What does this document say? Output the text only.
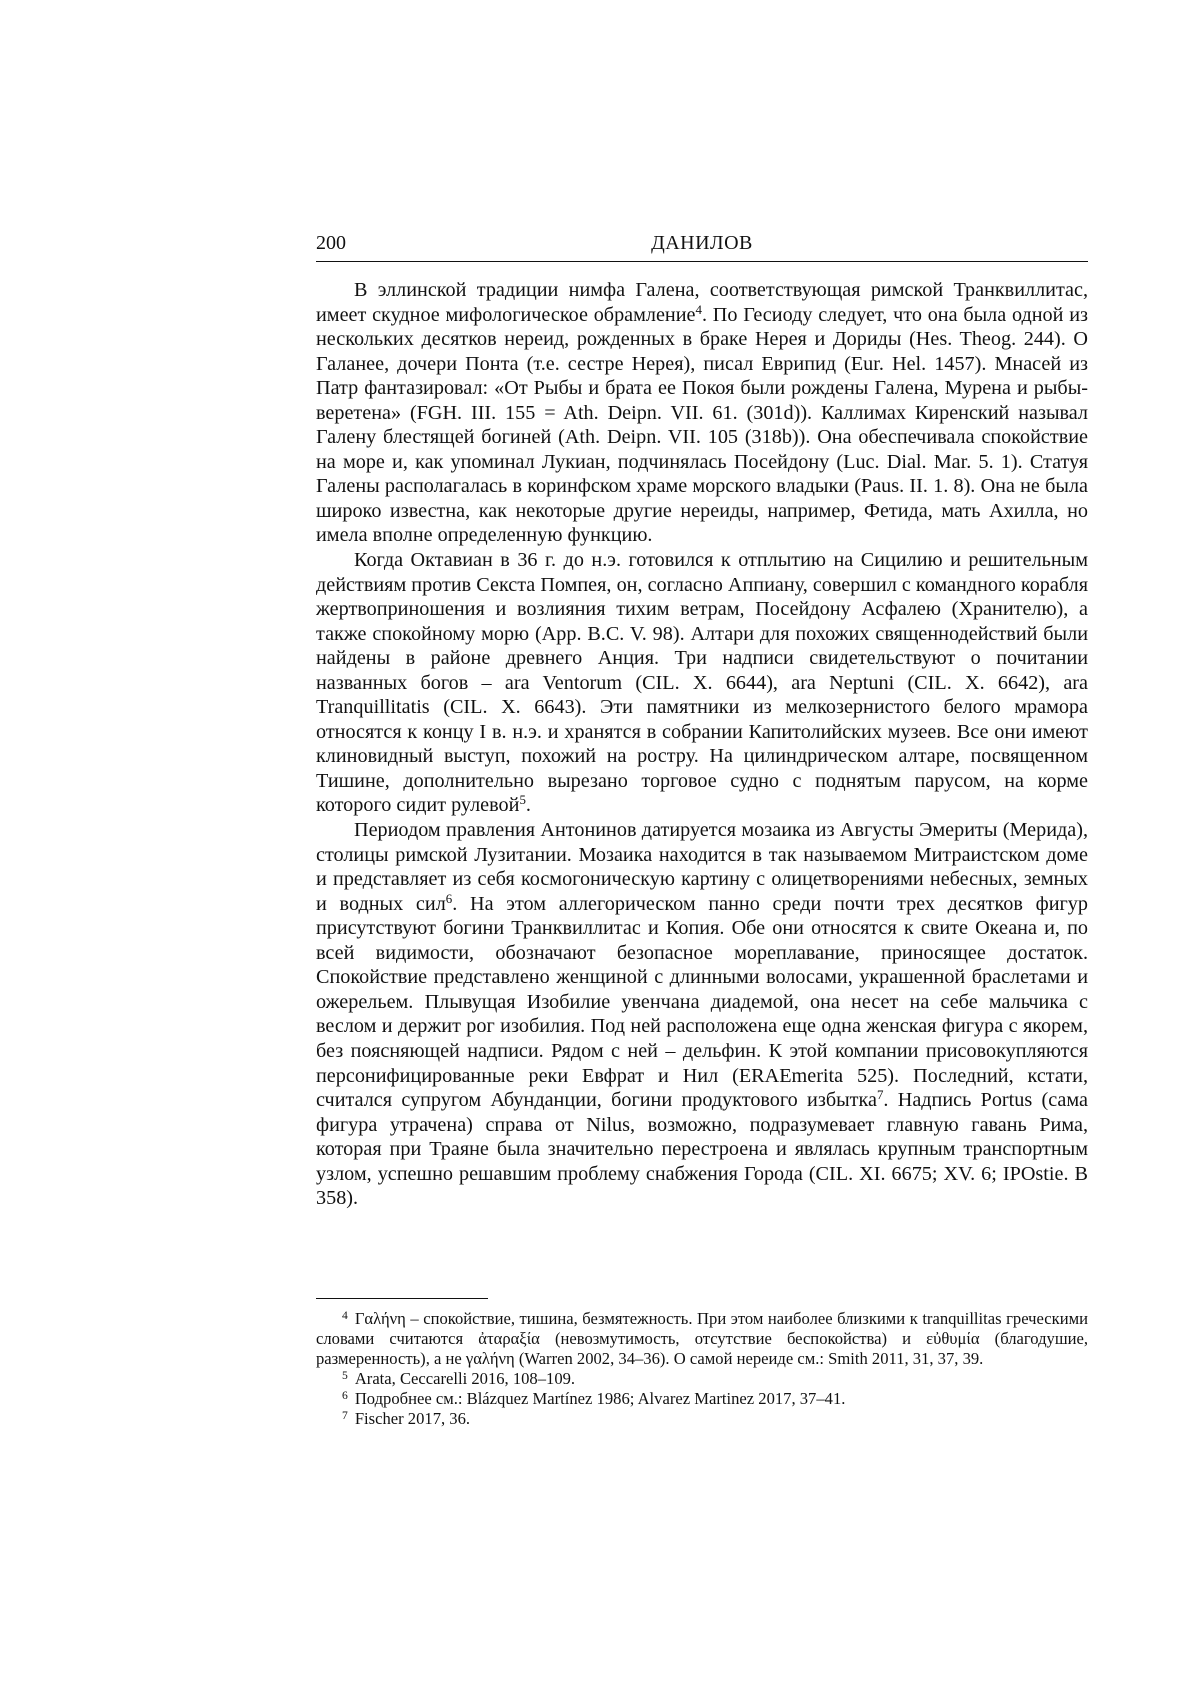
200	ДАНИЛОВ

В эллинской традиции нимфа Галена, соответствующая римской Транквиллитас, имеет скудное мифологическое обрамление$^4$. По Гесиоду следует, что она была одной из нескольких десятков нереид, рожденных в браке Нерея и Дориды (Hes. Theog. 244). О Галанее, дочери Понта (т.е. сестре Нерея), писал Еврипид (Eur. Hel. 1457). Мнасей из Патр фантазировал: «От Рыбы и брата ее Покоя были рождены Галена, Мурена и рыбы-веретена» (FGH. III. 155 = Ath. Deipn. VII. 61. (301d)). Каллимах Киренский называл Галену блестящей богиней (Ath. Deipn. VII. 105 (318b)). Она обеспечивала спокойствие на море и, как упоминал Лукиан, подчинялась Посейдону (Luc. Dial. Mar. 5. 1). Статуя Галены располагалась в коринфском храме морского владыки (Paus. II. 1. 8). Она не была широко известна, как некоторые другие нереиды, например, Фетида, мать Ахилла, но имела вполне определенную функцию.

Когда Октавиан в 36 г. до н.э. готовился к отплытию на Сицилию и решительным действиям против Секста Помпея, он, согласно Аппиану, совершил с командного корабля жертвоприношения и возлияния тихим ветрам, Посейдону Асфалею (Хранителю), а также спокойному морю (App. B.C. V. 98). Алтари для похожих священнодействий были найдены в районе древнего Анция. Три надписи свидетельствуют о почитании названных богов – ara Ventorum (CIL. X. 6644), ara Neptuni (CIL. X. 6642), ara Tranquillitatis (CIL. X. 6643). Эти памятники из мелкозернистого белого мрамора относятся к концу I в. н.э. и хранятся в собрании Капитолийских музеев. Все они имеют клиновидный выступ, похожий на ростру. На цилиндрическом алтаре, посвященном Тишине, дополнительно вырезано торговое судно с поднятым парусом, на корме которого сидит рулевой$^5$.

Периодом правления Антонинов датируется мозаика из Августы Эмериты (Мерида), столицы римской Лузитании. Мозаика находится в так называемом Митраистском доме и представляет из себя космогоническую картину с олицетворениями небесных, земных и водных сил$^6$. На этом аллегорическом панно среди почти трех десятков фигур присутствуют богини Транквиллитас и Копия. Обе они относятся к свите Океана и, по всей видимости, обозначают безопасное мореплавание, приносящее достаток. Спокойствие представлено женщиной с длинными волосами, украшенной браслетами и ожерельем. Плывущая Изобилие увенчана диадемой, она несет на себе мальчика с веслом и держит рог изобилия. Под ней расположена еще одна женская фигура с якорем, без поясняющей надписи. Рядом с ней – дельфин. К этой компании присовокупляются персонифицированные реки Евфрат и Нил (ERAEmerita 525). Последний, кстати, считался супругом Абунданции, богини продуктового избытка$^7$. Надпись Portus (сама фигура утрачена) справа от Nilus, возможно, подразумевает главную гавань Рима, которая при Траяне была значительно перестроена и являлась крупным транспортным узлом, успешно решавшим проблему снабжения Города (CIL. XI. 6675; XV. 6; IPOstie. B 358).

$^4$ Γαλήνη – спокойствие, тишина, безмятежность. При этом наиболее близкими к tranquillitas греческими словами считаются ἀταραξία (невозмутимость, отсутствие беспокойства) и εὐθυμία (благодушие, размеренность), а не γαλήνη (Warren 2002, 34–36). О самой нереиде см.: Smith 2011, 31, 37, 39.

$^5$ Arata, Ceccarelli 2016, 108–109.

$^6$ Подробнее см.: Blázquez Martínez 1986; Alvarez Martinez 2017, 37–41.

$^7$ Fischer 2017, 36.
